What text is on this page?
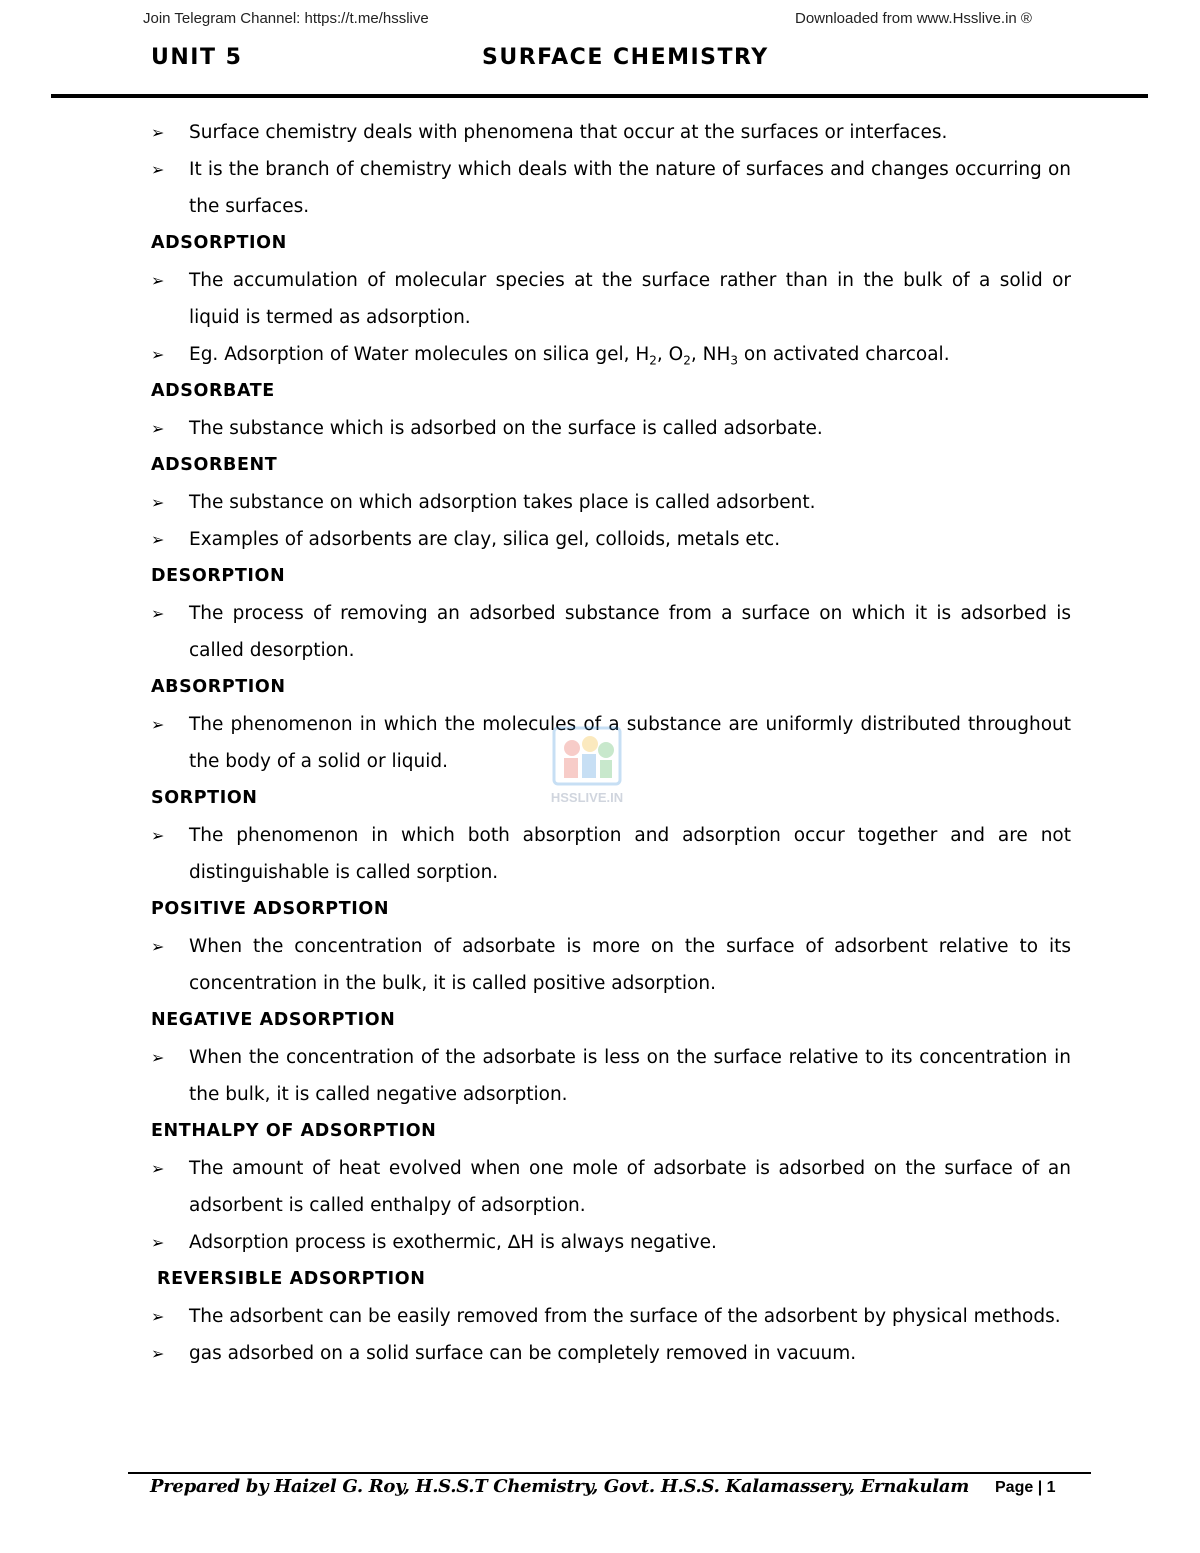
Join Telegram Channel: https://t.me/hsslive	Downloaded from www.Hsslive.in ®
UNIT 5	SURFACE CHEMISTRY
➢	Surface chemistry deals with phenomena that occur at the surfaces or interfaces.
➢	It is the branch of chemistry which deals with the nature of surfaces and changes occurring on the surfaces.
ADSORPTION
➢	The accumulation of molecular species at the surface rather than in the bulk of a solid or liquid is termed as adsorption.
➢	Eg. Adsorption of Water molecules on silica gel, $H_2$, $O_2$, $NH_3$ on activated charcoal.
ADSORBATE
➢	The substance which is adsorbed on the surface is called adsorbate.
ADSORBENT
➢	The substance on which adsorption takes place is called adsorbent.
➢	Examples of adsorbents are clay, silica gel, colloids, metals etc.
DESORPTION
➢	The process of removing an adsorbed substance from a surface on which it is adsorbed is called desorption.
ABSORPTION
➢	The phenomenon in which the molecules of a substance are uniformly distributed throughout the body of a solid or liquid.
SORPTION
➢	The phenomenon in which both absorption and adsorption occur together and are not distinguishable is called sorption.
POSITIVE ADSORPTION
➢	When the concentration of adsorbate is more on the surface of adsorbent relative to its concentration in the bulk, it is called positive adsorption.
NEGATIVE ADSORPTION
➢	When the concentration of the adsorbate is less on the surface relative to its concentration in the bulk, it is called negative adsorption.
ENTHALPY OF ADSORPTION
➢	The amount of heat evolved when one mole of adsorbate is adsorbed on the surface of an adsorbent is called enthalpy of adsorption.
➢	Adsorption process is exothermic, ∆H is always negative.
REVERSIBLE ADSORPTION
➢	The adsorbent can be easily removed from the surface of the adsorbent by physical methods.
➢	gas adsorbed on a solid surface can be completely removed in vacuum.
HSSLIVE.IN
Prepared by Haizel G. Roy, H.S.S.T Chemistry, Govt. H.S.S. Kalamassery, Ernakulam Page | 1
